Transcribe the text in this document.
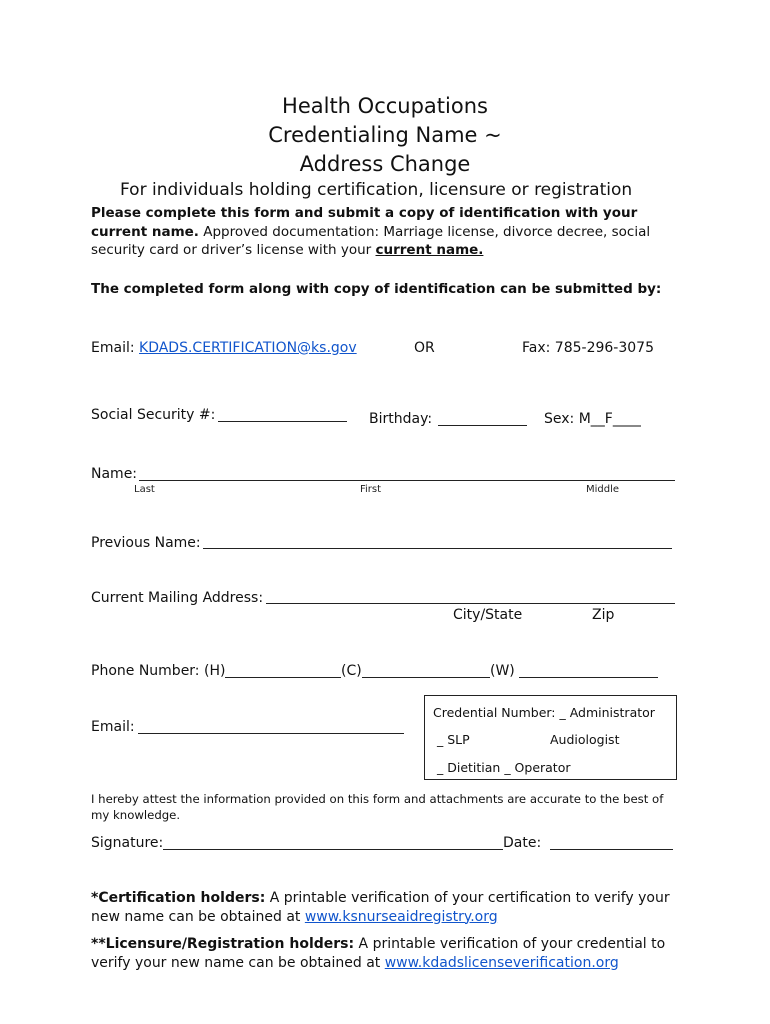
Health Occupations
Credentialing Name ~
Address Change
For individuals holding certification, licensure or registration
Please complete this form and submit a copy of identification with your current name. Approved documentation: Marriage license, divorce decree, social security card or driver’s license with your current name.
The completed form along with copy of identification can be submitted by:
Email: KDADS.CERTIFICATION@ks.gov	OR	Fax: 785-296-3075
Social Security #:	Birthday:	Sex: M__F____
Name:
Last	First	Middle
Previous Name:
Current Mailing Address:
City/State	Zip
Phone Number: (H)	(C)	(W)
Email:
Credential Number: _ Administrator
_ SLP	Audiologist
_ Dietitian _ Operator
I hereby attest the information provided on this form and attachments are accurate to the best of my knowledge.
Signature:	Date:
*Certification holders: A printable verification of your certification to verify your new name can be obtained at www.ksnurseaidregistry.org
**Licensure/Registration holders: A printable verification of your credential to verify your new name can be obtained at www.kdadslicenseverification.org
